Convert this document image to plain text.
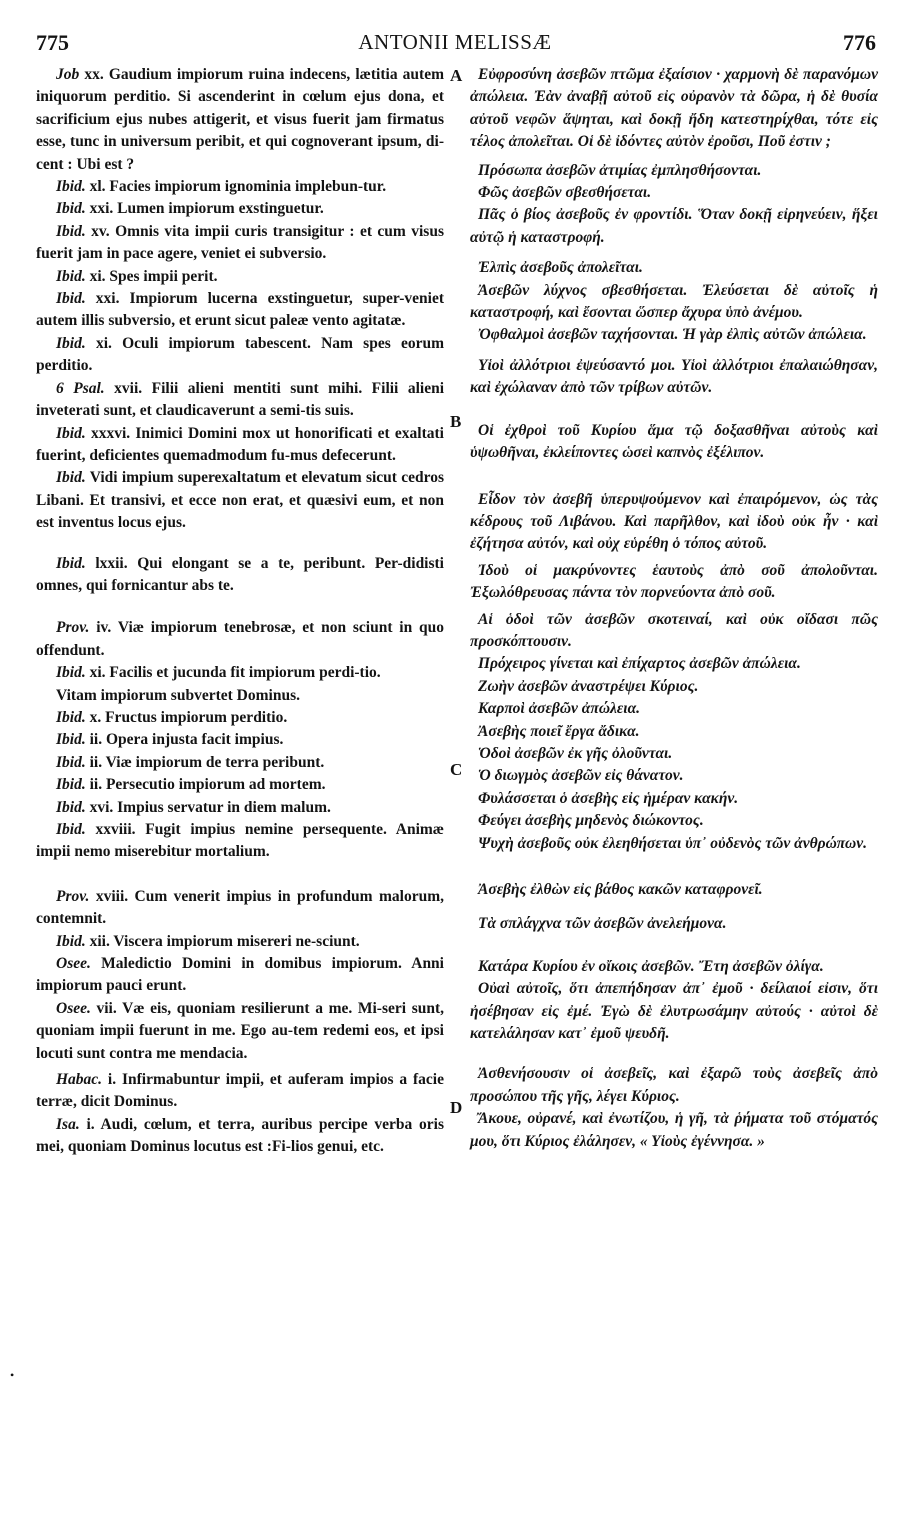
775	ANTONII MELISSÆ	776
A
B
C
D
•

Job xx. Gaudium impiorum ruina indecens, lætitia autem iniquorum perditio. Si ascenderint in cœlum ejus dona, et sacrificium ejus nubes attigerit, et visus fuerit jam firmatus esse, tunc in universum peribit, et qui cognoverant ipsum, di-cent : Ubi est ?

Ibid. xl. Facies impiorum ignominia implebun-tur.

Ibid. xxi. Lumen impiorum exstinguetur.

Ibid. xv. Omnis vita impii curis transigitur : et cum visus fuerit jam in pace agere, veniet ei subversio.

Ibid. xi. Spes impii perit.

Ibid. xxi. Impiorum lucerna exstinguetur, super-veniet autem illis subversio, et erunt sicut paleæ vento agitatæ.

Ibid. xi. Oculi impiorum tabescent. Nam spes eorum perditio.

6 Psal. xvii. Filii alieni mentiti sunt mihi. Filii alieni inveterati sunt, et claudicaverunt a semi-tis suis.

Ibid. xxxvi. Inimici Domini mox ut honorificati et exaltati fuerint, deficientes quemadmodum fu-mus defecerunt.

Ibid. Vidi impium superexaltatum et elevatum sicut cedros Libani. Et transivi, et ecce non erat, et quæsivi eum, et non est inventus locus ejus.

Ibid. lxxii. Qui elongant se a te, peribunt. Per-didisti omnes, qui fornicantur abs te.

Prov. iv. Viæ impiorum tenebrosæ, et non sciunt in quo offendunt.

Ibid. xi. Facilis et jucunda fit impiorum perdi-tio.

Vitam impiorum subvertet Dominus.

Ibid. x. Fructus impiorum perditio.

Ibid. ii. Opera injusta facit impius.

Ibid. ii. Viæ impiorum de terra peribunt.

Ibid. ii. Persecutio impiorum ad mortem.

Ibid. xvi. Impius servatur in diem malum.

Ibid. xxviii. Fugit impius nemine persequente. Animæ impii nemo miserebitur mortalium.

Prov. xviii. Cum venerit impius in profundum malorum, contemnit.

Ibid. xii. Viscera impiorum misereri ne-sciunt.

Osee. Maledictio Domini in domibus impiorum. Anni impiorum pauci erunt.

Osee. vii. Væ eis, quoniam resilierunt a me. Mi-seri sunt, quoniam impii fuerunt in me. Ego au-tem redemi eos, et ipsi locuti sunt contra me mendacia.

Habac. i. Infirmabuntur impii, et auferam impios a facie terræ, dicit Dominus.

Isa. i. Audi, cœlum, et terra, auribus percipe verba oris mei, quoniam Dominus locutus est :Fi-lios genui, etc.

Εὐφροσύνη ἀσεβῶν πτῶμα ἐξαίσιον · χαρμονὴ δὲ παρανόμων ἀπώλεια. Ἐὰν ἀναβῇ αὐτοῦ εἰς οὐρανὸν τὰ δῶρα, ἡ δὲ θυσία αὐτοῦ νεφῶν ἅψηται, καὶ δοκῇ ἤδη κατεστηρίχθαι, τότε εἰς τέλος ἀπολεῖται. Οἱ δὲ ἰδόντες αὐτὸν ἐροῦσι, Ποῦ ἐστιν ;

Πρόσωπα ἀσεβῶν ἀτιμίας ἐμπλησθήσονται.

Φῶς ἀσεβῶν σβεσθήσεται.

Πᾶς ὁ βίος ἀσεβοῦς ἐν φροντίδι. Ὅταν δοκῇ εἰρηνεύειν, ἥξει αὐτῷ ἡ καταστροφή.

Ἐλπὶς ἀσεβοῦς ἀπολεῖται.

Ἀσεβῶν λύχνος σβεσθήσεται. Ἐλεύσεται δὲ αὐτοῖς ἡ καταστροφή, καὶ ἔσονται ὥσπερ ἄχυρα ὑπὸ ἀνέμου.

Ὀφθαλμοὶ ἀσεβῶν ταχήσονται. Ἡ γὰρ ἐλπὶς αὐτῶν ἀπώλεια.

Υἱοὶ ἀλλότριοι ἐψεύσαντό μοι. Υἱοὶ ἀλλότριοι ἐπαλαιώθησαν, καὶ ἐχώλαναν ἀπὸ τῶν τρίβων αὐτῶν.

Οἱ ἐχθροὶ τοῦ Κυρίου ἅμα τῷ δοξασθῆναι αὐτοὺς καὶ ὑψωθῆναι, ἐκλείποντες ὡσεὶ καπνὸς ἐξέλιπον.

Εἶδον τὸν ἀσεβῆ ὑπερυψούμενον καὶ ἐπαιρόμενον, ὡς τὰς κέδρους τοῦ Λιβάνου. Καὶ παρῆλθον, καὶ ἰδοὺ οὐκ ἦν · καὶ ἐζήτησα αὐτόν, καὶ οὐχ εὑρέθη ὁ τόπος αὐτοῦ.

Ἰδοὺ οἱ μακρύνοντες ἑαυτοὺς ἀπὸ σοῦ ἀπολοῦνται. Ἐξωλόθρευσας πάντα τὸν πορνεύοντα ἀπὸ σοῦ.

Αἱ ὁδοὶ τῶν ἀσεβῶν σκοτειναί, καὶ οὐκ οἴδασι πῶς προσκόπτουσιν.

Πρόχειρος γίνεται καὶ ἐπίχαρτος ἀσεβῶν ἀπώλεια.

Ζωὴν ἀσεβῶν ἀναστρέψει Κύριος.

Καρποὶ ἀσεβῶν ἀπώλεια.

Ἀσεβὴς ποιεῖ ἔργα ἄδικα.

Ὁδοὶ ἀσεβῶν ἐκ γῆς ὀλοῦνται.

Ὁ διωγμὸς ἀσεβῶν εἰς θάνατον.

Φυλάσσεται ὁ ἀσεβὴς εἰς ἡμέραν κακήν.

Φεύγει ἀσεβὴς μηδενὸς διώκοντος.

Ψυχὴ ἀσεβοῦς οὐκ ἐλεηθήσεται ὑπ᾽ οὐδενὸς τῶν ἀνθρώπων.

Ἀσεβὴς ἐλθὼν εἰς βάθος κακῶν καταφρονεῖ.

Τὰ σπλάγχνα τῶν ἀσεβῶν ἀνελεήμονα.

Κατάρα Κυρίου ἐν οἴκοις ἀσεβῶν. Ἔτη ἀσεβῶν ὀλίγα.

Οὐαὶ αὐτοῖς, ὅτι ἀπεπήδησαν ἀπ᾽ ἐμοῦ · δείλαιοί εἰσιν, ὅτι ἠσέβησαν εἰς ἐμέ. Ἐγὼ δὲ ἐλυτρωσάμην αὐτούς · αὐτοὶ δὲ κατελάλησαν κατ᾽ ἐμοῦ ψευδῆ.

Ἀσθενήσουσιν οἱ ἀσεβεῖς, καὶ ἐξαρῶ τοὺς ἀσεβεῖς ἀπὸ προσώπου τῆς γῆς, λέγει Κύριος.

Ἄκουε, οὐρανέ, καὶ ἐνωτίζου, ἡ γῆ, τὰ ῥήματα τοῦ στόματός μου, ὅτι Κύριος ἐλάλησεν, « Υἱοὺς ἐγέννησα. »
